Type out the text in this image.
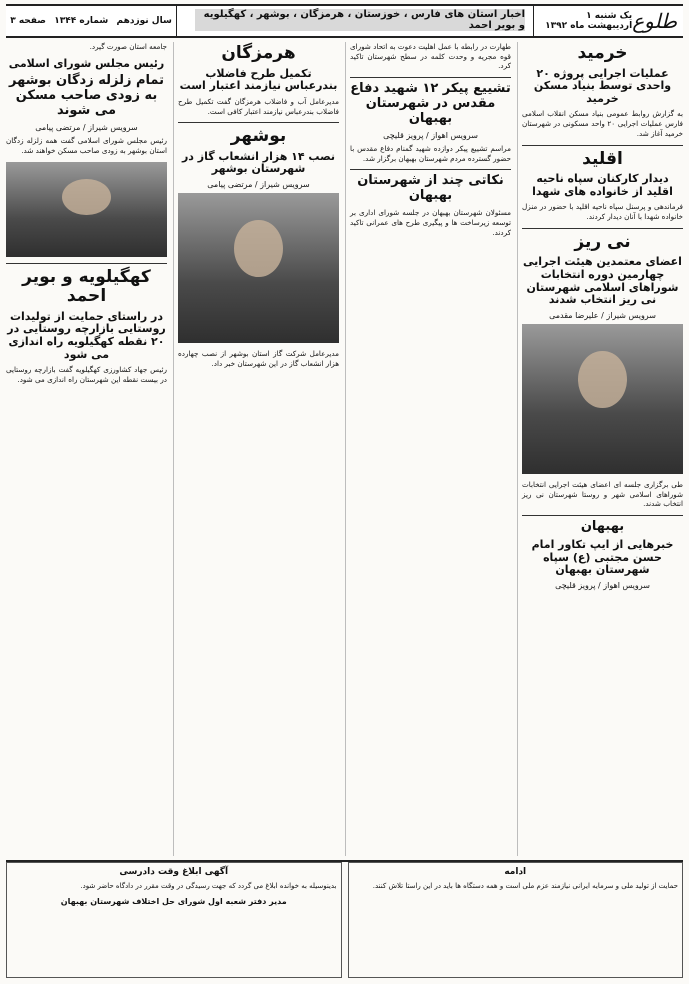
طلوع
یک شنبه ۱ اردیبهشت ماه ۱۳۹۲
اخبار استان های فارس ، خوزستان ، هرمزگان ، بوشهر ، کهگیلویه و بویر احمد
سال نوزدهم
شماره ۱۳۴۴
صفحه ۳
خرمید
عملیات اجرایی پروژه ۲۰ واحدی توسط بنیاد مسکن خرمید

به گزارش روابط عمومی بنیاد مسکن انقلاب اسلامی فارس عملیات اجرایی ۲۰ واحد مسکونی در شهرستان خرمید آغاز شد.

اقلید
دیدار کارکنان سپاه ناحیه اقلید از خانواده های شهدا

فرماندهی و پرسنل سپاه ناحیه اقلید با حضور در منزل خانواده شهدا با آنان دیدار کردند.

نی ریز
اعضای معتمدین هیئت اجرایی چهارمین دوره انتخابات شوراهای اسلامی شهرستان نی ریز انتخاب شدند
سرویس شیراز / علیرضا مقدمی

طی برگزاری جلسه ای اعضای هیئت اجرایی انتخابات شوراهای اسلامی شهر و روستا شهرستان نی ریز انتخاب شدند.

بهبهان
خبرهایی از ایپ تکاور امام حسن مجتبی (ع) سپاه شهرستان بهبهان
سرویس اهواز / پرویز قلیچی

طهارت در رابطه با عمل اهلیت دعوت به اتحاد شورای قوه مجریه و وحدت کلمه در سطح شهرستان تاکید کرد.

تشییع پیکر ۱۲ شهید دفاع مقدس در شهرستان بهبهان
سرویس اهواز / پرویز قلیچی

مراسم تشییع پیکر دوازده شهید گمنام دفاع مقدس با حضور گسترده مردم شهرستان بهبهان برگزار شد.

نکاتی چند از شهرستان بهبهان

مسئولان شهرستان بهبهان در جلسه شورای اداری بر توسعه زیرساخت ها و پیگیری طرح های عمرانی تاکید کردند.

هرمزگان
تکمیل طرح فاضلاب بندرعباس نیازمند اعتبار است

مدیرعامل آب و فاضلاب هرمزگان گفت تکمیل طرح فاضلاب بندرعباس نیازمند اعتبار کافی است.

بوشهر
نصب ۱۴ هزار انشعاب گاز در شهرستان بوشهر
سرویس شیراز / مرتضی پیامی

مدیرعامل شرکت گاز استان بوشهر از نصب چهارده هزار انشعاب گاز در این شهرستان خبر داد.

جامعه استان صورت گیرد.

رئیس مجلس شورای اسلامی
تمام زلزله زدگان بوشهر به زودی صاحب مسکن می شوند
سرویس شیراز / مرتضی پیامی

رئیس مجلس شورای اسلامی گفت همه زلزله زدگان استان بوشهر به زودی صاحب مسکن خواهند شد.

کهگیلویه و بویر احمد
در راستای حمایت از تولیدات روستایی بازارچه روستایی در ۲۰ نقطه کهگیلویه راه اندازی می شود

رئیس جهاد کشاورزی کهگیلویه گفت بازارچه روستایی در بیست نقطه این شهرستان راه اندازی می شود.

ادامه
حمایت از تولید ملی و سرمایه ایرانی نیازمند عزم ملی است و همه دستگاه ها باید در این راستا تلاش کنند.
آگهی ابلاغ وقت دادرسی
بدینوسیله به خوانده ابلاغ می گردد که جهت رسیدگی در وقت مقرر در دادگاه حاضر شود.
مدیر دفتر شعبه اول شورای حل اختلاف شهرستان بهبهان
